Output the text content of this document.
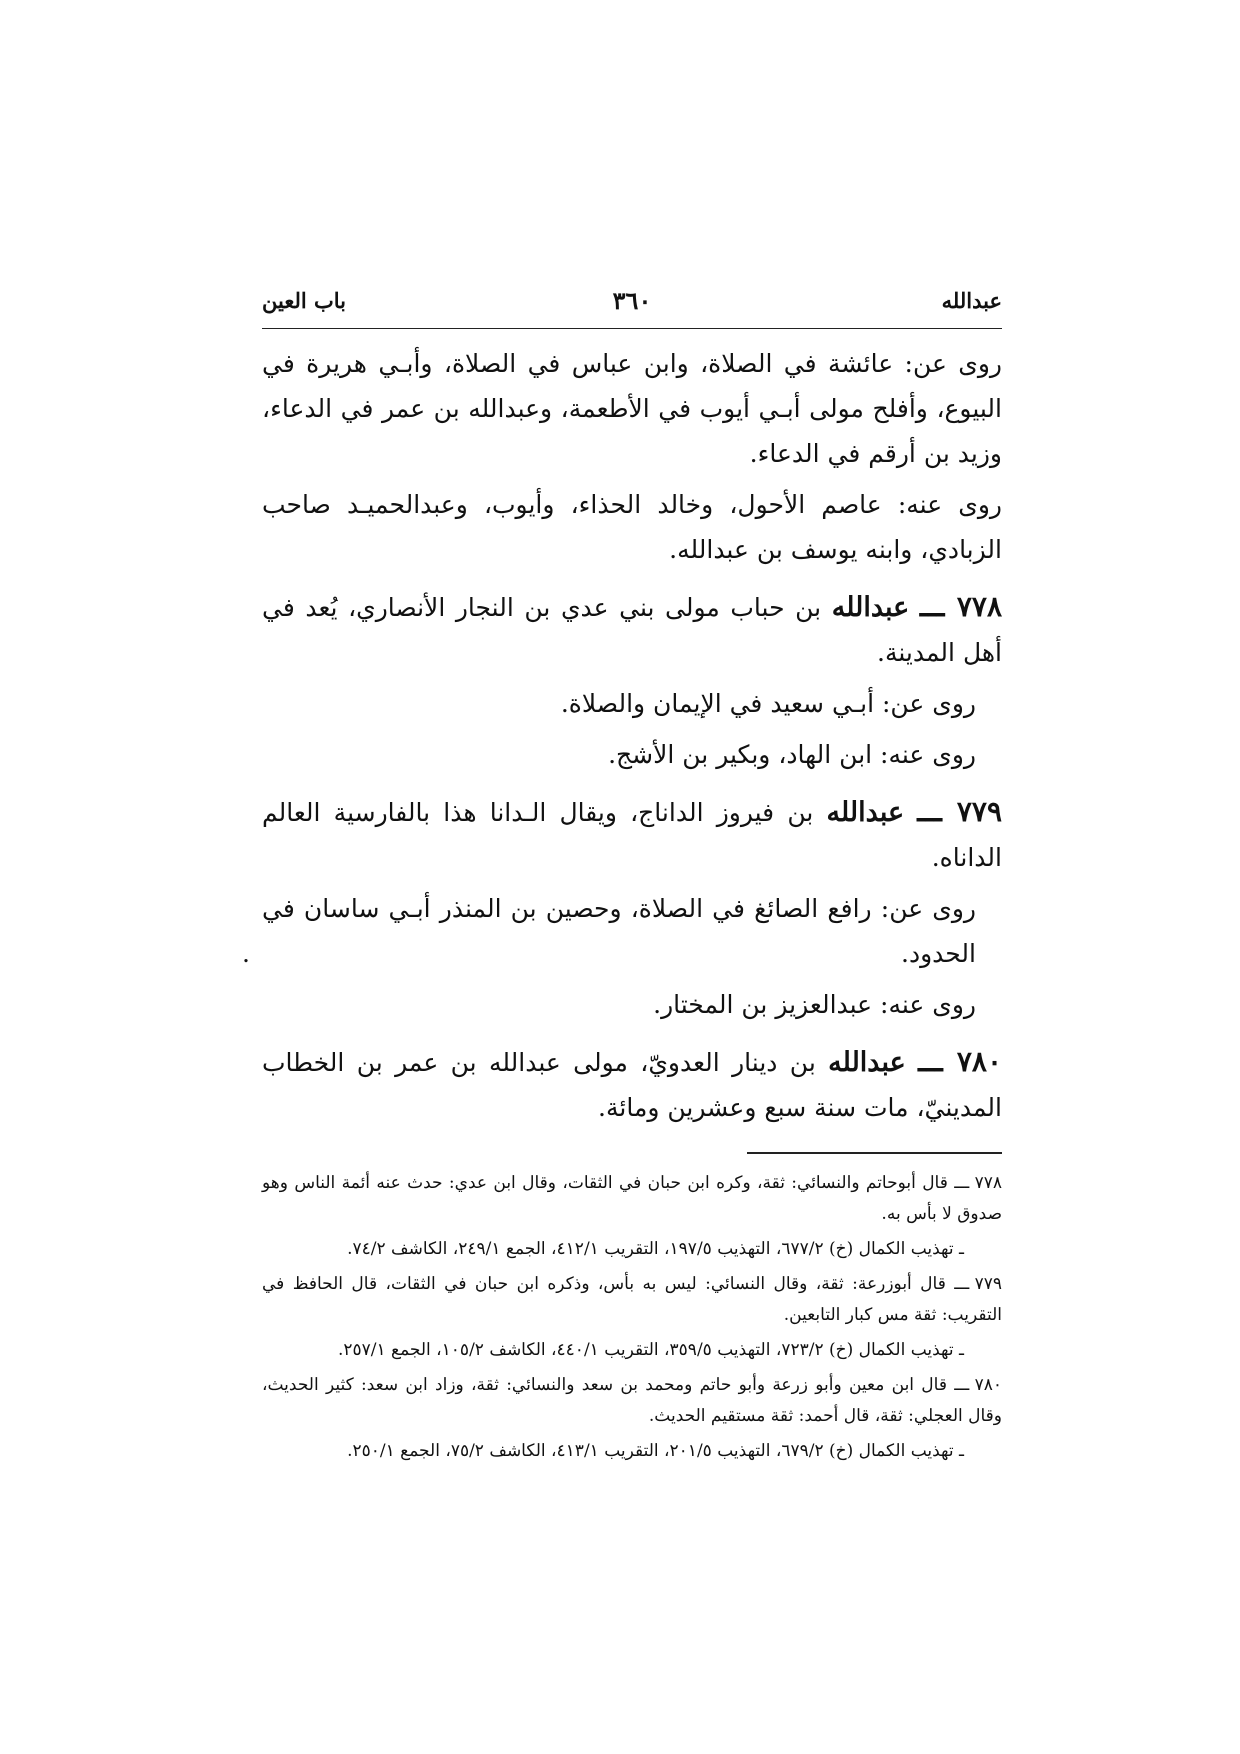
عبدالله
٣٦٠
باب العين

روى عن: عائشة في الصلاة، وابن عباس في الصلاة، وأبـي هريرة في البيوع، وأفلح مولى أبـي أيوب في الأطعمة، وعبدالله بن عمر في الدعاء، وزيد بن أرقم في الدعاء.

روى عنه: عاصم الأحول، وخالد الحذاء، وأيوب، وعبدالحميـد صاحب الزبادي، وابنه يوسف بن عبدالله.

٧٧٨ ـــ عبدالله بن حباب مولى بني عدي بن النجار الأنصاري، يُعد في أهل المدينة.

روى عن: أبـي سعيد في الإيمان والصلاة.

روى عنه: ابن الهاد، وبكير بن الأشج.

٧٧٩ ـــ عبدالله بن فيروز الداناج، ويقال الـدانا هذا بالفارسية العالم الداناه.

روى عن: رافع الصائغ في الصلاة، وحصين بن المنذر أبـي ساسان في الحدود.
.

روى عنه: عبدالعزيز بن المختار.

٧٨٠ ـــ عبدالله بن دينار العدويّ، مولى عبدالله بن عمر بن الخطاب المدينيّ، مات سنة سبع وعشرين ومائة.

٧٧٨ ـــ قال أبوحاتم والنسائي: ثقة، وكره ابن حبان في الثقات، وقال ابن عدي: حدث عنه أئمة الناس وهو صدوق لا بأس به.

ـ تهذيب الكمال (خ) ٦٧٧/٢، التهذيب ١٩٧/٥، التقريب ٤١٢/١، الجمع ٢٤٩/١، الكاشف ٧٤/٢.

٧٧٩ ـــ قال أبوزرعة: ثقة، وقال النسائي: ليس به بأس، وذكره ابن حبان في الثقات، قال الحافظ في التقريب: ثقة مس كبار التابعين.

ـ تهذيب الكمال (خ) ٧٢٣/٢، التهذيب ٣٥٩/٥، التقريب ٤٤٠/١، الكاشف ١٠٥/٢، الجمع ٢٥٧/١.

٧٨٠ ـــ قال ابن معين وأبو زرعة وأبو حاتم ومحمد بن سعد والنسائي: ثقة، وزاد ابن سعد: كثير الحديث، وقال العجلي: ثقة، قال أحمد: ثقة مستقيم الحديث.

ـ تهذيب الكمال (خ) ٦٧٩/٢، التهذيب ٢٠١/٥، التقريب ٤١٣/١، الكاشف ٧٥/٢، الجمع ٢٥٠/١.
